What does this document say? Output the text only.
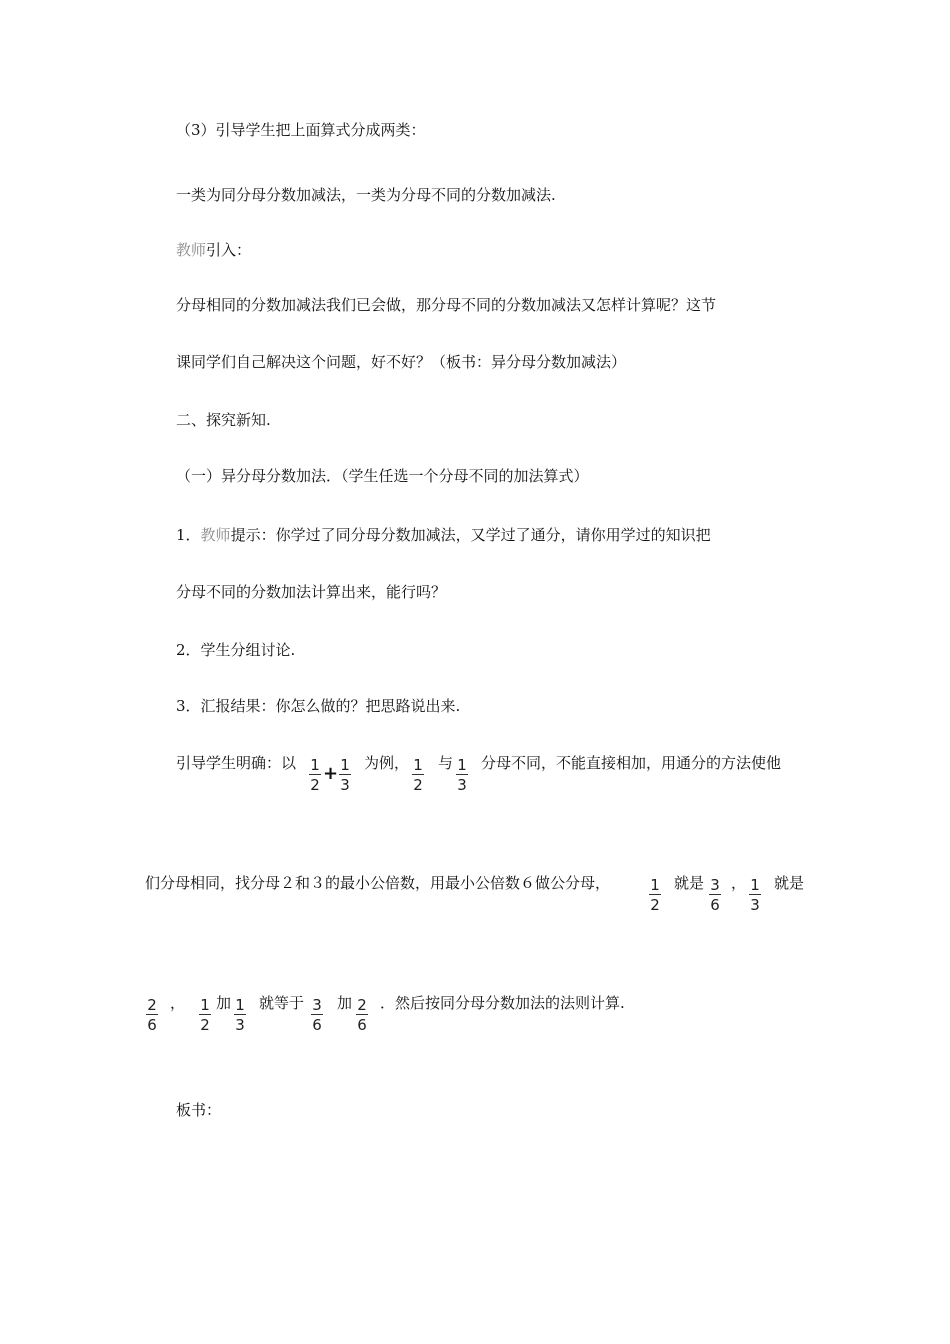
（3）引导学生把上面算式分成两类：
一类为同分母分数加减法，一类为分母不同的分数加减法.
教师引入：
分母相同的分数加减法我们已会做，那分母不同的分数加减法又怎样计算呢？这节
课同学们自己解决这个问题，好不好？（板书：异分母分数加减法）
二、探究新知.
（一）异分母分数加法．（学生任选一个分母不同的加法算式）
1．教师提示：你学过了同分母分数加减法，又学过了通分，请你用学过的知识把
分母不同的分数加法计算出来，能行吗？
2．学生分组讨论.
3．汇报结果：你怎么做的？把思路说出来.
引导学生明确：以 1
2
+ 1
3
为例， 1
2
与 1
3
分母不同，不能直接相加，用通分的方法使他
们分母相同，找分母２和３的最小公倍数，用最小公倍数６做公分母，	1
2
就是 3
6
， 1
3
就是
2
6
， 1
2
加 1
3
就等于 3
6
加 2
6
．然后按同分母分数加法的法则计算.
板书：
